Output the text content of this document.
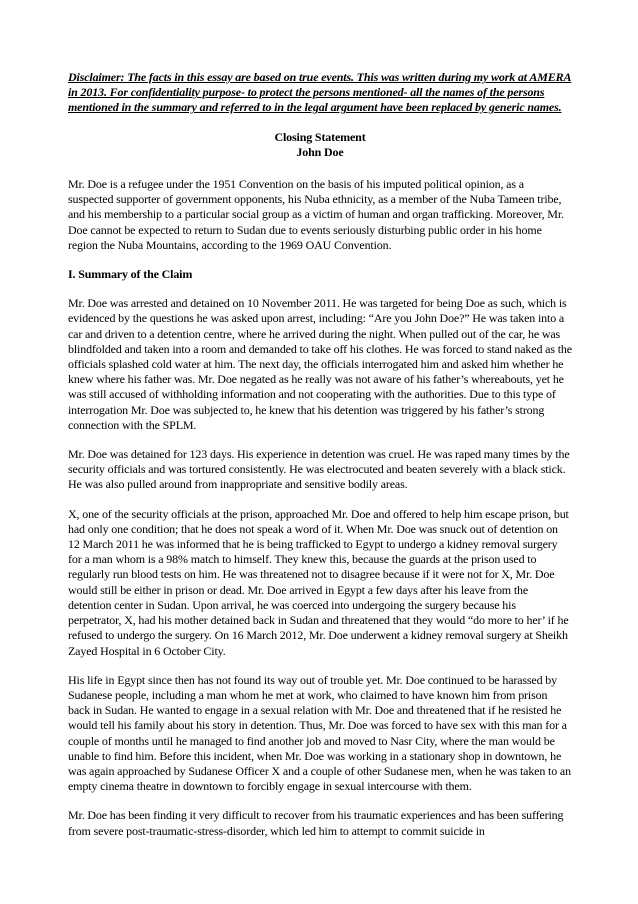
Disclaimer: The facts in this essay are based on true events. This was written during my work at AMERA in 2013. For confidentiality purpose- to protect the persons mentioned- all the names of the persons mentioned in the summary and referred to in the legal argument have been replaced by generic names.
Closing Statement
John Doe

Mr. Doe is a refugee under the 1951 Convention on the basis of his imputed political opinion, as a suspected supporter of government opponents, his Nuba ethnicity, as a member of the Nuba Tameen tribe, and his membership to a particular social group as a victim of human and organ trafficking. Moreover, Mr. Doe cannot be expected to return to Sudan due to events seriously disturbing public order in his home region the Nuba Mountains, according to the 1969 OAU Convention.

I. Summary of the Claim

Mr. Doe was arrested and detained on 10 November 2011. He was targeted for being Doe as such, which is evidenced by the questions he was asked upon arrest, including: “Are you John Doe?” He was taken into a car and driven to a detention centre, where he arrived during the night. When pulled out of the car, he was blindfolded and taken into a room and demanded to take off his clothes. He was forced to stand naked as the officials splashed cold water at him. The next day, the officials interrogated him and asked him whether he knew where his father was. Mr. Doe negated as he really was not aware of his father’s whereabouts, yet he was still accused of withholding information and not cooperating with the authorities. Due to this type of interrogation Mr. Doe was subjected to, he knew that his detention was triggered by his father’s strong connection with the SPLM.

Mr. Doe was detained for 123 days. His experience in detention was cruel. He was raped many times by the security officials and was tortured consistently. He was electrocuted and beaten severely with a black stick. He was also pulled around from inappropriate and sensitive bodily areas.

X, one of the security officials at the prison, approached Mr. Doe and offered to help him escape prison, but had only one condition; that he does not speak a word of it. When Mr. Doe was snuck out of detention on 12 March 2011 he was informed that he is being trafficked to Egypt to undergo a kidney removal surgery for a man whom is a 98% match to himself. They knew this, because the guards at the prison used to regularly run blood tests on him. He was threatened not to disagree because if it were not for X, Mr. Doe would still be either in prison or dead. Mr. Doe arrived in Egypt a few days after his leave from the detention center in Sudan. Upon arrival, he was coerced into undergoing the surgery because his perpetrator, X, had his mother detained back in Sudan and threatened that they would “do more to her’ if he refused to undergo the surgery. On 16 March 2012, Mr. Doe underwent a kidney removal surgery at Sheikh Zayed Hospital in 6 October City.

His life in Egypt since then has not found its way out of trouble yet. Mr. Doe continued to be harassed by Sudanese people, including a man whom he met at work, who claimed to have known him from prison back in Sudan. He wanted to engage in a sexual relation with Mr. Doe and threatened that if he resisted he would tell his family about his story in detention. Thus, Mr. Doe was forced to have sex with this man for a couple of months until he managed to find another job and moved to Nasr City, where the man would be unable to find him. Before this incident, when Mr. Doe was working in a stationary shop in downtown, he was again approached by Sudanese Officer X and a couple of other Sudanese men, when he was taken to an empty cinema theatre in downtown to forcibly engage in sexual intercourse with them.

Mr. Doe has been finding it very difficult to recover from his traumatic experiences and has been suffering from severe post-traumatic-stress-disorder, which led him to attempt to commit suicide in
